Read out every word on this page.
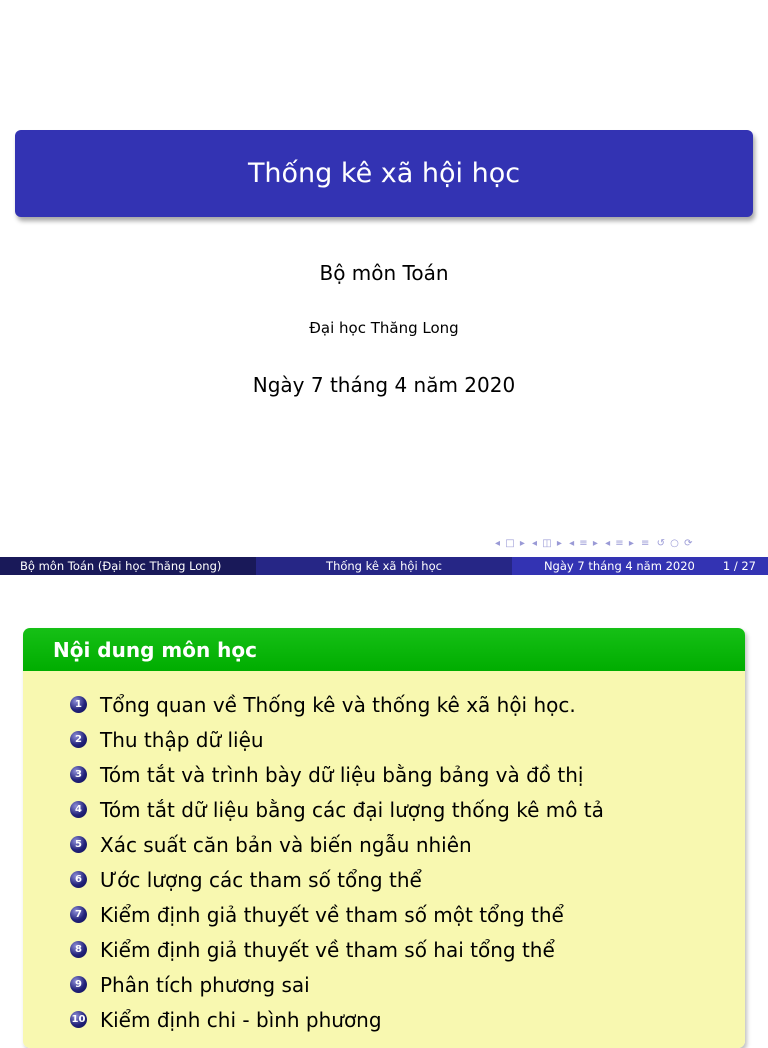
Thống kê xã hội học
Bộ môn Toán
Đại học Thăng Long
Ngày 7 tháng 4 năm 2020
◂ □ ▸ ◂ ◫ ▸ ◂ ≡ ▸ ◂ ≡ ▸ ≡ ↺ ○ ⟳
Bộ môn Toán (Đại học Thăng Long)	Thống kê xã hội học	Ngày 7 tháng 4 năm 2020 1 / 27
Nội dung môn học
1 Tổng quan về Thống kê và thống kê xã hội học.
2 Thu thập dữ liệu
3 Tóm tắt và trình bày dữ liệu bằng bảng và đồ thị
4 Tóm tắt dữ liệu bằng các đại lượng thống kê mô tả
5 Xác suất căn bản và biến ngẫu nhiên
6 Ước lượng các tham số tổng thể
7 Kiểm định giả thuyết về tham số một tổng thể
8 Kiểm định giả thuyết về tham số hai tổng thể
9 Phân tích phương sai
10 Kiểm định chi - bình phương
